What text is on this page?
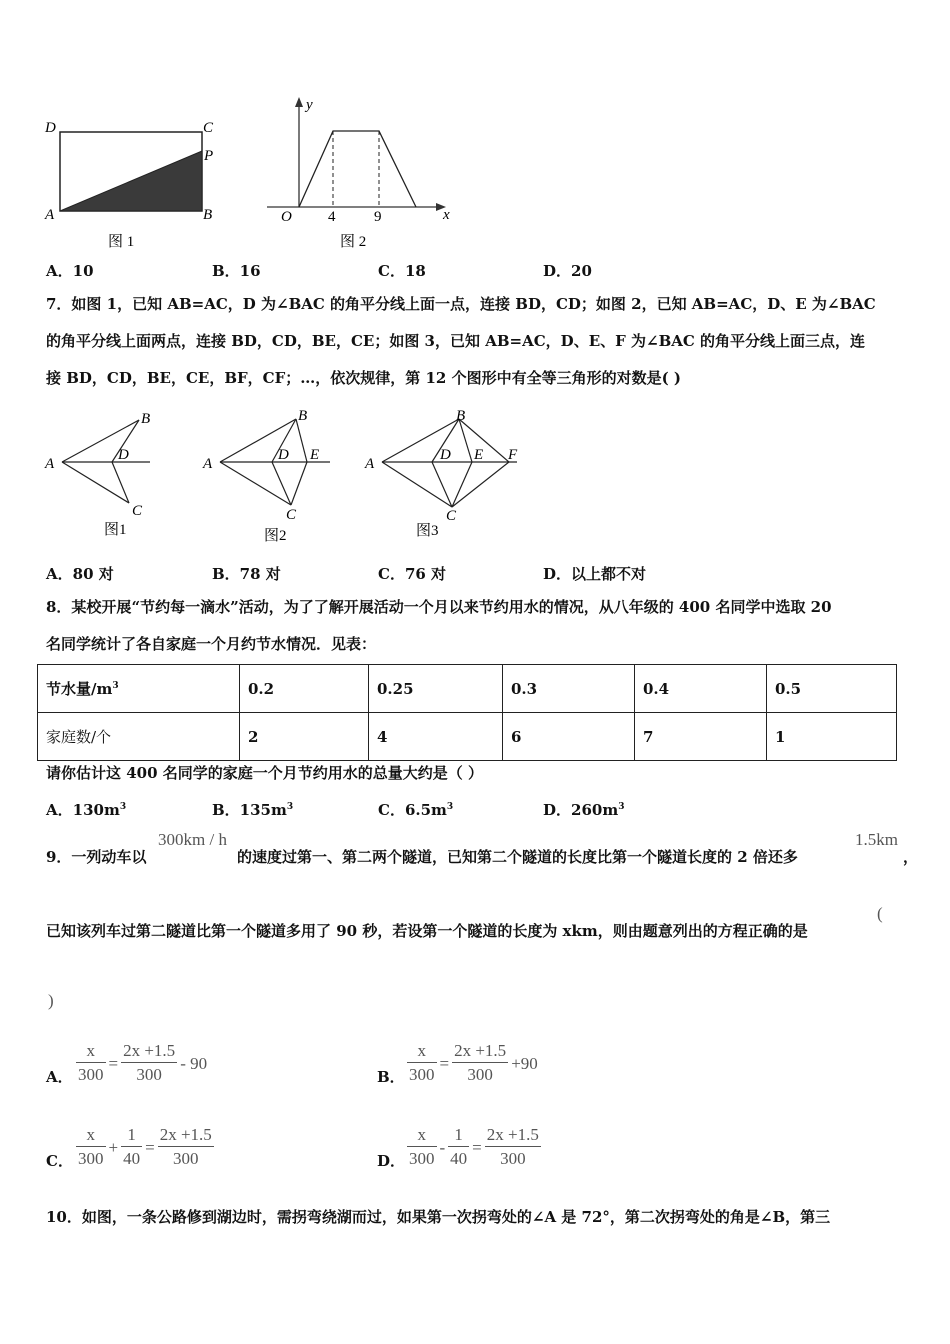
D	C
P
A	B
图 1
y
x
O 4	9
图 2
A．10	B．16	C．18	D．20
7．如图 1，已知 AB=AC，D 为∠BAC 的角平分线上面一点，连接 BD，CD；如图 2，已知 AB=AC，D、E 为∠BAC
的角平分线上面两点，连接 BD，CD，BE，CE；如图 3，已知 AB=AC，D、E、F 为∠BAC 的角平分线上面三点，连
接 BD，CD，BE，CE，BF，CF；…，依次规律，第 12 个图形中有全等三角形的对数是( )
A
B
D
C
图1
A
B
D E
C
图2
A
B
D E F
C
图3
A．80 对	B．78 对	C．76 对	D．以上都不对
8．某校开展“节约每一滴水”活动，为了了解开展活动一个月以来节约用水的情况，从八年级的 400 名同学中选取 20
名同学统计了各自家庭一个月约节水情况．见表：
节水量$/m^3$	0.2	0.25	0.3	0.4	0.5
家庭数/个	2	4	6	7	1
请你估计这 400 名同学的家庭一个月节约用水的总量大约是（ ）
A．$130m^3$	B．$135m^3$	C．$6.5m^3$	D．$260m^3$
9．一列动车以
300km / h
的速度过第一、第二两个隧道，已知第二个隧道的长度比第一个隧道长度的 2 倍还多
1.5km
，
已知该列车过第二隧道比第一个隧道多用了 90 秒，若设第一个隧道的长度为 xkm，则由题意列出的方程正确的是
(
)
A． $\frac{x}{300} = \frac{2x +1.5}{300} - 90$
B． $\frac{x}{300} = \frac{2x +1.5}{300} +90$
C． $\frac{x}{300} + \frac{1}{40} = \frac{2x +1.5}{300}$	D． $\frac{x}{300} - \frac{1}{40} = \frac{2x +1.5}{300}$
10．如图，一条公路修到湖边时，需拐弯绕湖而过，如果第一次拐弯处的∠A 是 72°，第二次拐弯处的角是∠B，第三
